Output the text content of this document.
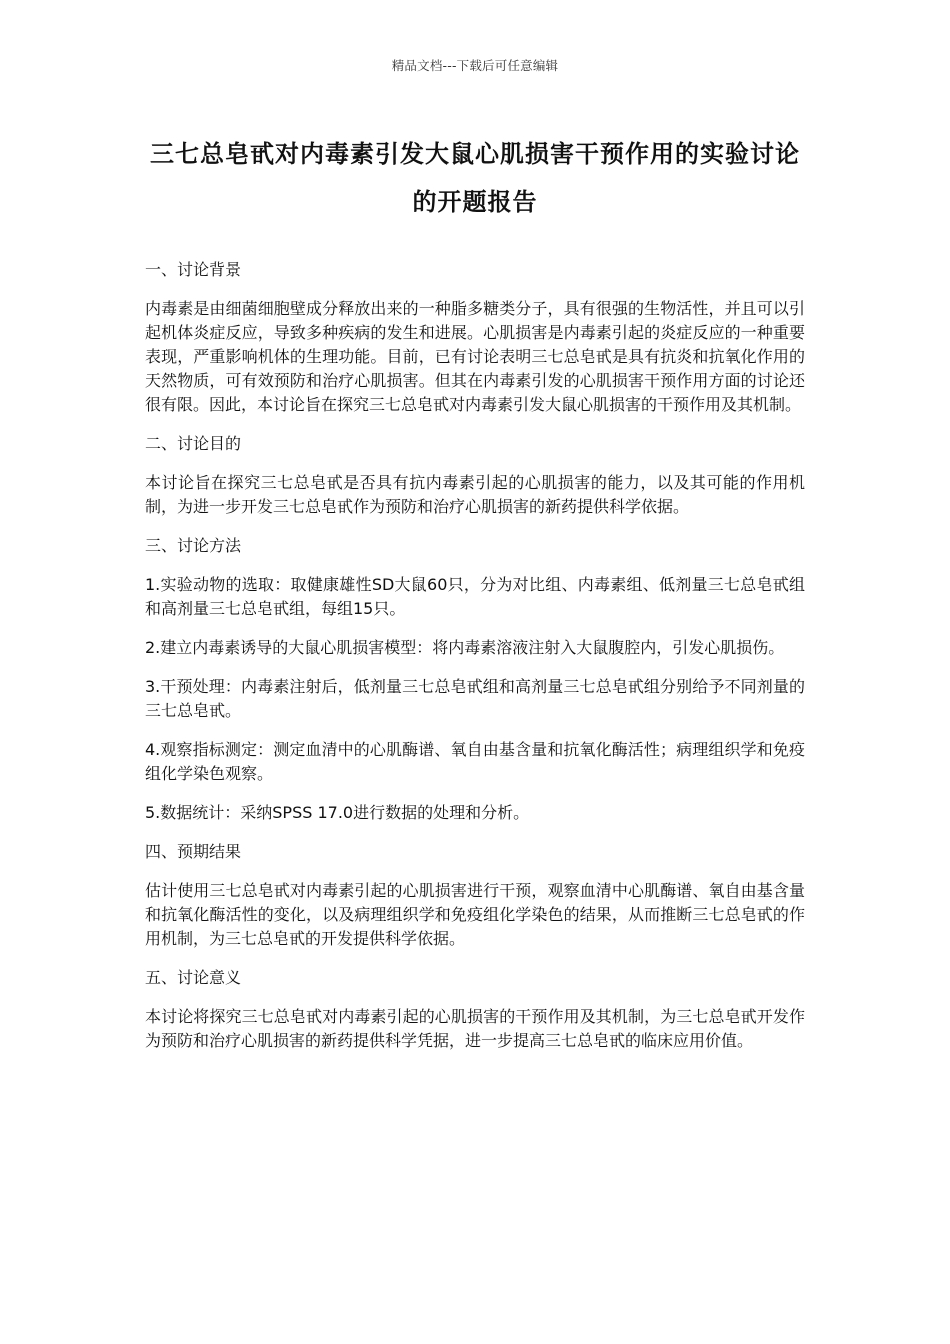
精品文档---下载后可任意编辑
三七总皂甙对内毒素引发大鼠心肌损害干预作用的实验讨论的开题报告

一、讨论背景

内毒素是由细菌细胞壁成分释放出来的一种脂多糖类分子，具有很强的生物活性，并且可以引起机体炎症反应，导致多种疾病的发生和进展。心肌损害是内毒素引起的炎症反应的一种重要表现，严重影响机体的生理功能。目前，已有讨论表明三七总皂甙是具有抗炎和抗氧化作用的天然物质，可有效预防和治疗心肌损害。但其在内毒素引发的心肌损害干预作用方面的讨论还很有限。因此，本讨论旨在探究三七总皂甙对内毒素引发大鼠心肌损害的干预作用及其机制。

二、讨论目的

本讨论旨在探究三七总皂甙是否具有抗内毒素引起的心肌损害的能力，以及其可能的作用机制，为进一步开发三七总皂甙作为预防和治疗心肌损害的新药提供科学依据。

三、讨论方法

1.实验动物的选取：取健康雄性SD大鼠60只，分为对比组、内毒素组、低剂量三七总皂甙组和高剂量三七总皂甙组，每组15只。

2.建立内毒素诱导的大鼠心肌损害模型：将内毒素溶液注射入大鼠腹腔内，引发心肌损伤。

3.干预处理：内毒素注射后，低剂量三七总皂甙组和高剂量三七总皂甙组分别给予不同剂量的三七总皂甙。

4.观察指标测定：测定血清中的心肌酶谱、氧自由基含量和抗氧化酶活性；病理组织学和免疫组化学染色观察。

5.数据统计：采纳SPSS 17.0进行数据的处理和分析。

四、预期结果

估计使用三七总皂甙对内毒素引起的心肌损害进行干预，观察血清中心肌酶谱、氧自由基含量和抗氧化酶活性的变化，以及病理组织学和免疫组化学染色的结果，从而推断三七总皂甙的作用机制，为三七总皂甙的开发提供科学依据。

五、讨论意义

本讨论将探究三七总皂甙对内毒素引起的心肌损害的干预作用及其机制，为三七总皂甙开发作为预防和治疗心肌损害的新药提供科学凭据，进一步提高三七总皂甙的临床应用价值。
